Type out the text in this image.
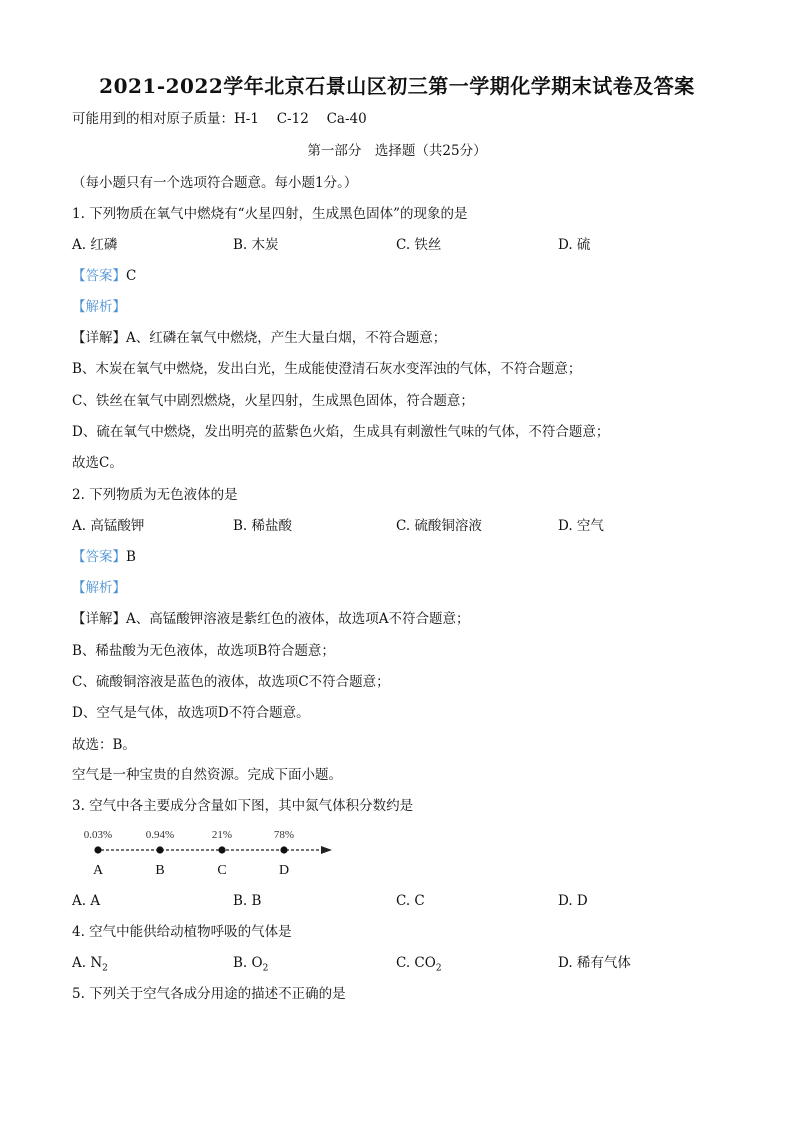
2021-2022学年北京石景山区初三第一学期化学期末试卷及答案
可能用到的相对原子质量：H-1　 C-12　 Ca-40
第一部分　选择题（共25分）
（每小题只有一个选项符合题意。每小题1分。）
1. 下列物质在氧气中燃烧有“火星四射，生成黑色固体”的现象的是
A. 红磷	B. 木炭	C. 铁丝	D. 硫
【答案】C
【解析】
【详解】A、红磷在氧气中燃烧，产生大量白烟，不符合题意；
B、木炭在氧气中燃烧，发出白光，生成能使澄清石灰水变浑浊的气体，不符合题意；
C、铁丝在氧气中剧烈燃烧，火星四射，生成黑色固体，符合题意；
D、硫在氧气中燃烧，发出明亮的蓝紫色火焰，生成具有刺激性气味的气体，不符合题意；
故选C。
2. 下列物质为无色液体的是
A. 高锰酸钾	B. 稀盐酸	C. 硫酸铜溶液	D. 空气
【答案】B
【解析】
【详解】A、高锰酸钾溶液是紫红色的液体，故选项A不符合题意；
B、稀盐酸为无色液体，故选项B符合题意；
C、硫酸铜溶液是蓝色的液体，故选项C不符合题意；
D、空气是气体，故选项D不符合题意。
故选：B。
空气是一种宝贵的自然资源。完成下面小题。
3. 空气中各主要成分含量如下图，其中氮气体积分数约是
0.03%
A
0.94%
B
21%
C
78%
D
A. A	B. B	C. C	D. D
4. 空气中能供给动植物呼吸的气体是
A. $N_2$	B. $O_2$	C. $CO_2$	D. 稀有气体
5. 下列关于空气各成分用途的描述不正确的是
